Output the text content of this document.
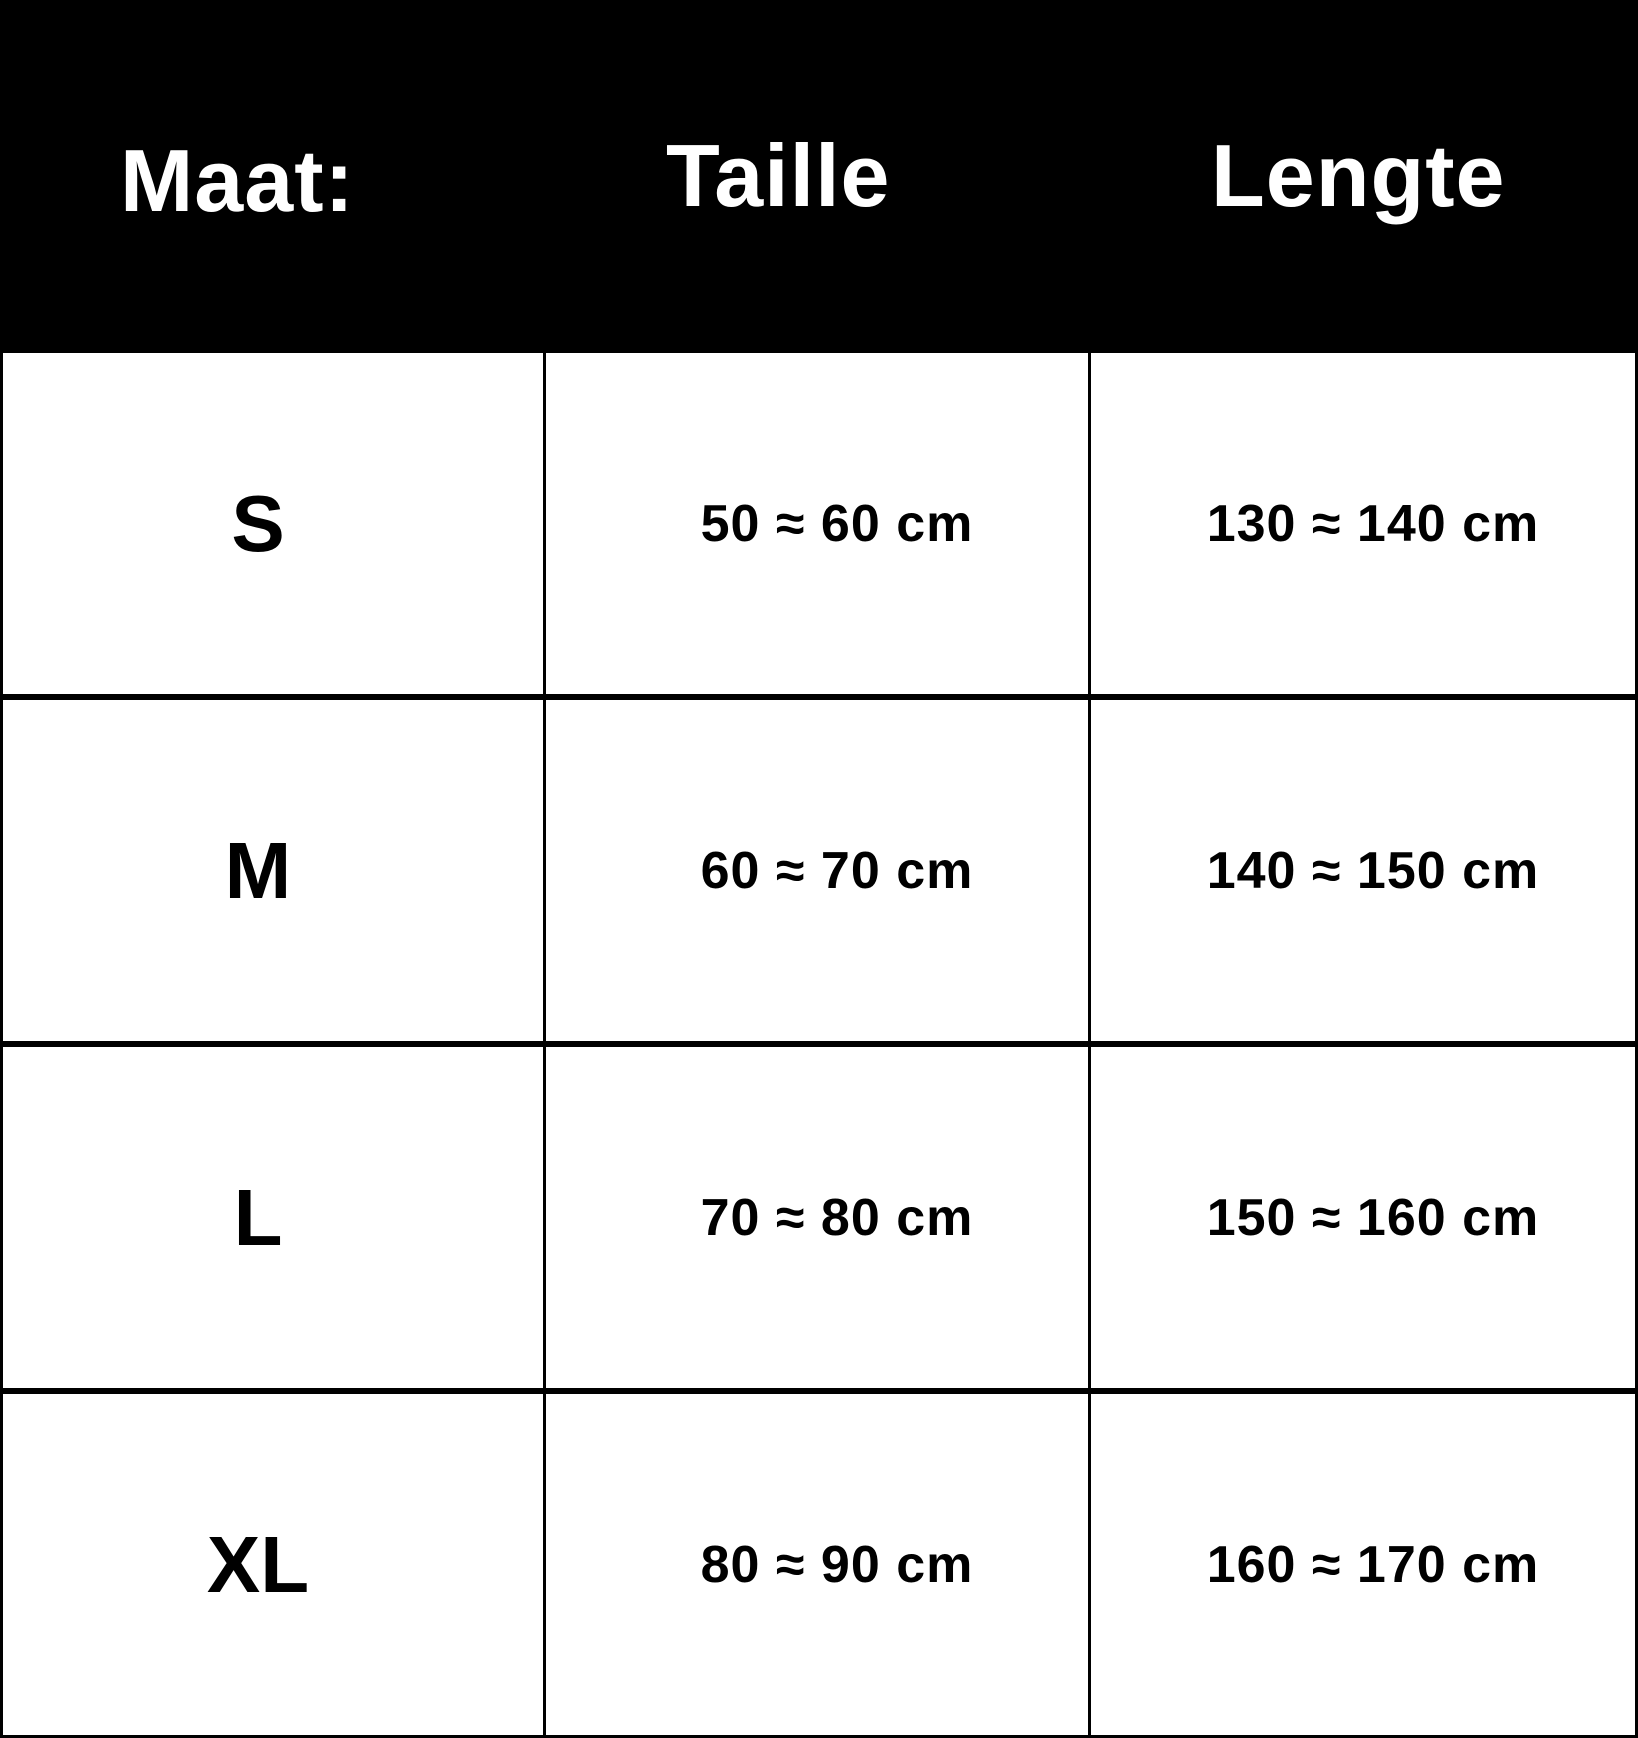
Maat:	Taille	Lengte
S	50 ≈ 60 cm	130 ≈ 140 cm
M	60 ≈ 70 cm	140 ≈ 150 cm
L	70 ≈ 80 cm	150 ≈ 160 cm
XL	80 ≈ 90 cm	160 ≈ 170 cm
